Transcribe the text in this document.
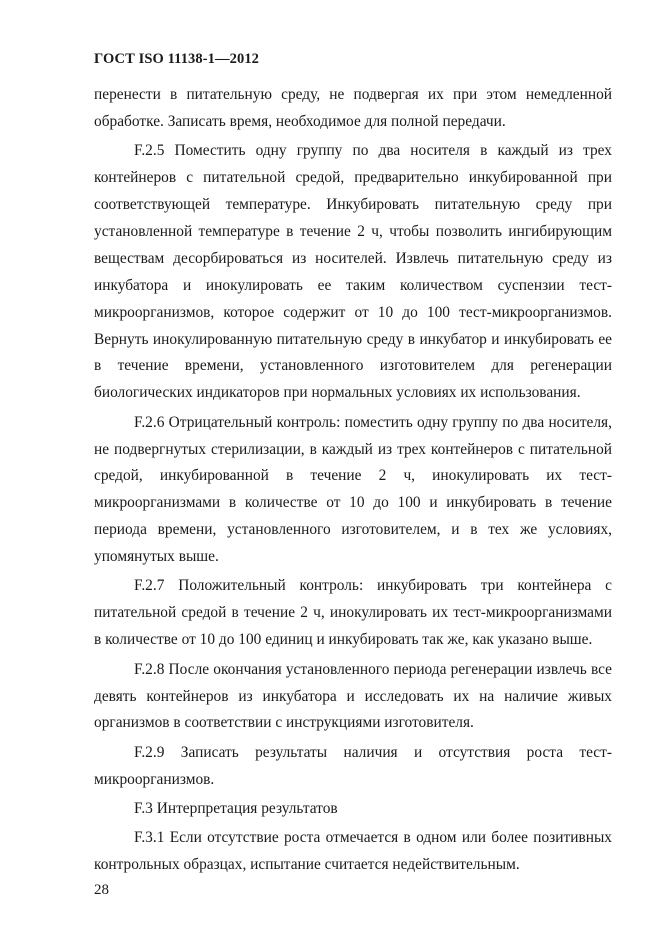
ГОСТ ISO 11138-1—2012

перенести в питательную среду, не подвергая их при этом немедленной обработке. Записать время, необходимое для полной передачи.

F.2.5 Поместить одну группу по два носителя в каждый из трех контейнеров с питательной средой, предварительно инкубированной при соответствующей температуре. Инкубировать питательную среду при установленной температуре в течение 2 ч, чтобы позволить ингибирующим веществам десорбироваться из носителей. Извлечь питательную среду из инкубатора и инокулировать ее таким количеством суспензии тест-микроорганизмов, которое содержит от 10 до 100 тест-микроорганизмов. Вернуть инокулированную питательную среду в инкубатор и инкубировать ее в течение времени, установленного изготовителем для регенерации биологических индикаторов при нормальных условиях их использования.

F.2.6 Отрицательный контроль: поместить одну группу по два носителя, не подвергнутых стерилизации, в каждый из трех контейнеров с питательной средой, инкубированной в течение 2 ч, инокулировать их тест-микроорганизмами в количестве от 10 до 100 и инкубировать в течение периода времени, установленного изготовителем, и в тех же условиях, упомянутых выше.

F.2.7 Положительный контроль: инкубировать три контейнера с питательной средой в течение 2 ч, инокулировать их тест-микроорганизмами в количестве от 10 до 100 единиц и инкубировать так же, как указано выше.

F.2.8 После окончания установленного периода регенерации извлечь все девять контейнеров из инкубатора и исследовать их на наличие живых организмов в соответствии с инструкциями изготовителя.

F.2.9 Записать результаты наличия и отсутствия роста тест-микроорганизмов.

F.3 Интерпретация результатов

F.3.1 Если отсутствие роста отмечается в одном или более позитивных контрольных образцах, испытание считается недействительным.

28
